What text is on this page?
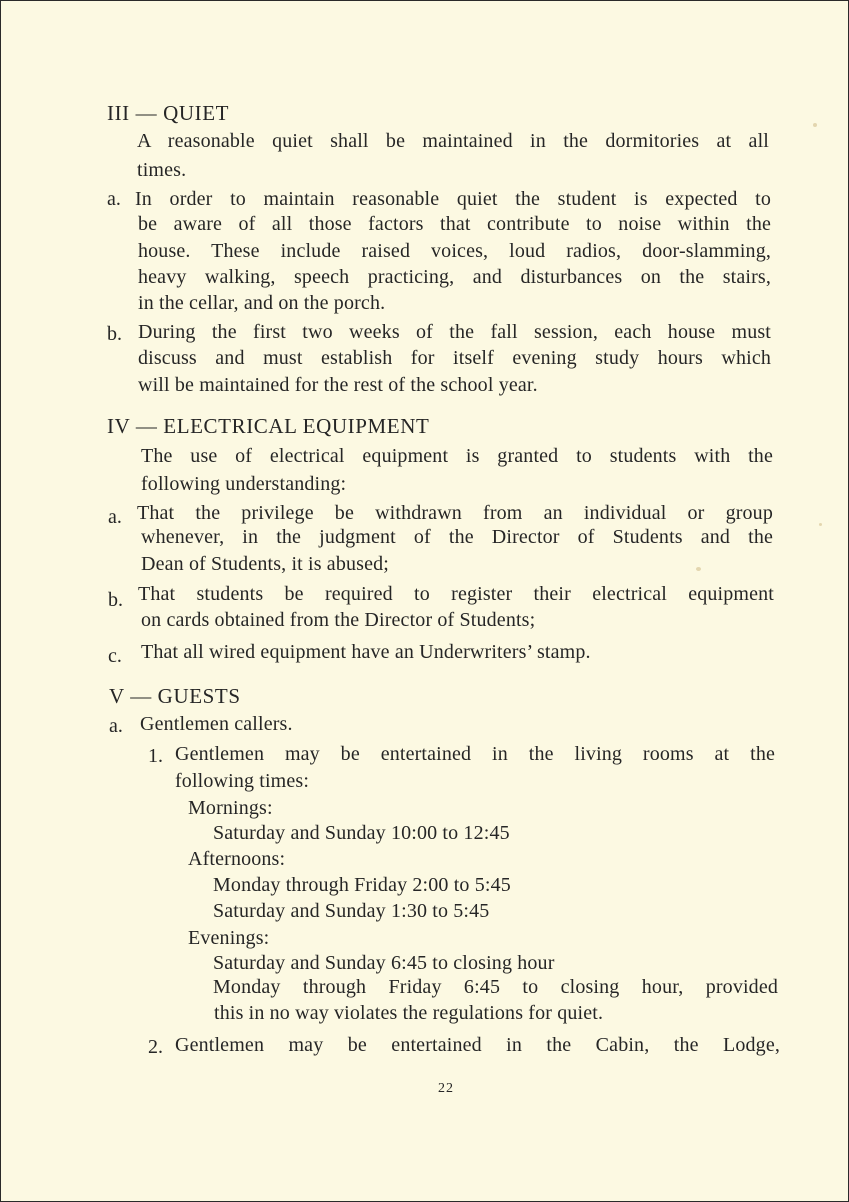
III — QUIET
A reasonable quiet shall be maintained in the dormitories at all
times.
a. In order to maintain reasonable quiet the student is expected to
be aware of all those factors that contribute to noise within the
house. These include raised voices, loud radios, door-slamming,
heavy walking, speech practicing, and disturbances on the stairs,
in the cellar, and on the porch.
b. During the first two weeks of the fall session, each house must
discuss and must establish for itself evening study hours which
will be maintained for the rest of the school year.
IV — ELECTRICAL EQUIPMENT
The use of electrical equipment is granted to students with the
following understanding:
a. That the privilege be withdrawn from an individual or group
whenever, in the judgment of the Director of Students and the
Dean of Students, it is abused;
b. That students be required to register their electrical equipment
on cards obtained from the Director of Students;
c. That all wired equipment have an Underwriters’ stamp.
V — GUESTS
a. Gentlemen callers.
1. Gentlemen may be entertained in the living rooms at the
following times:
Mornings:
Saturday and Sunday 10:00 to 12:45
Afternoons:
Monday through Friday 2:00 to 5:45
Saturday and Sunday 1:30 to 5:45
Evenings:
Saturday and Sunday 6:45 to closing hour
Monday through Friday 6:45 to closing hour, provided
this in no way violates the regulations for quiet.
2. Gentlemen may be entertained in the Cabin, the Lodge,
22
